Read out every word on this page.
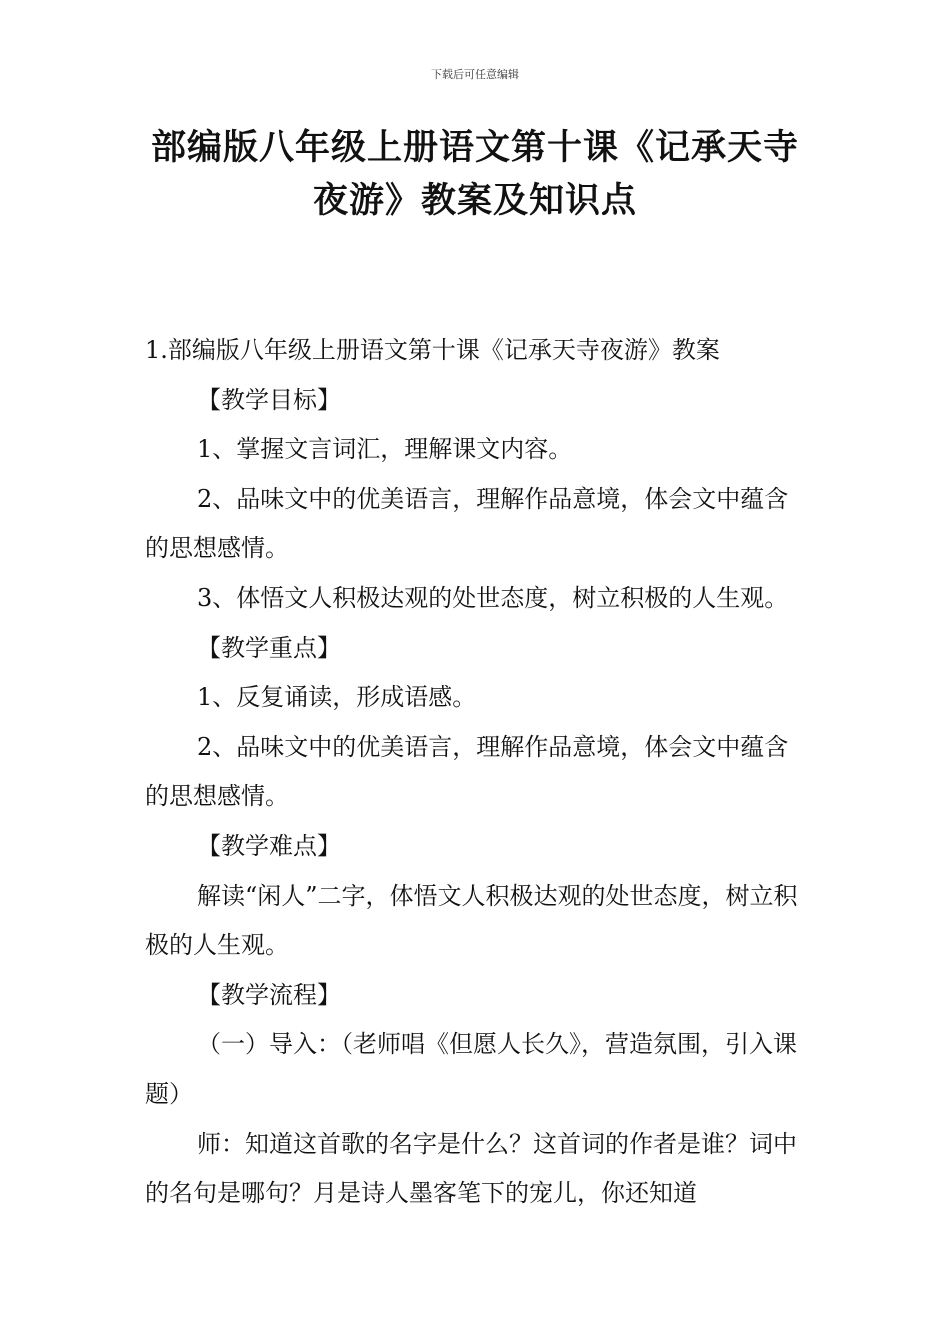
下载后可任意编辑
部编版八年级上册语文第十课《记承天寺
夜游》教案及知识点

1.部编版八年级上册语文第十课《记承天寺夜游》教案

【教学目标】

1、掌握文言词汇，理解课文内容。

2、品味文中的优美语言，理解作品意境，体会文中蕴含的思想感情。

3、体悟文人积极达观的处世态度，树立积极的人生观。

【教学重点】

1、反复诵读，形成语感。

2、品味文中的优美语言，理解作品意境，体会文中蕴含的思想感情。

【教学难点】

解读“闲人”二字，体悟文人积极达观的处世态度，树立积极的人生观。

【教学流程】

（一）导入：（老师唱《但愿人长久》，营造氛围，引入课题）

师：知道这首歌的名字是什么？这首词的作者是谁？词中的名句是哪句？月是诗人墨客笔下的宠儿，你还知道
